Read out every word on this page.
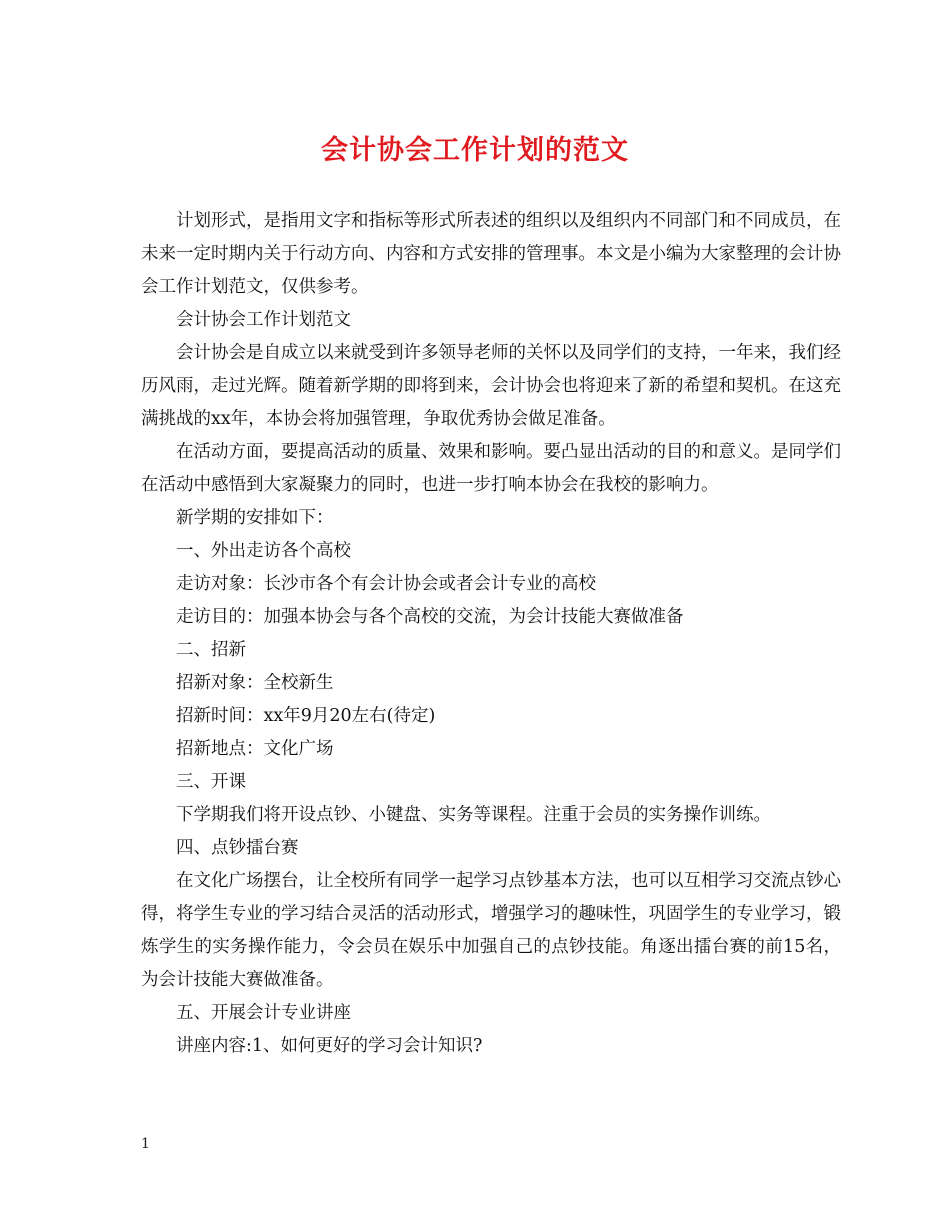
会计协会工作计划的范文

计划形式，是指用文字和指标等形式所表述的组织以及组织内不同部门和不同成员，在未来一定时期内关于行动方向、内容和方式安排的管理事。本文是小编为大家整理的会计协会工作计划范文，仅供参考。

会计协会工作计划范文

会计协会是自成立以来就受到许多领导老师的关怀以及同学们的支持，一年来，我们经历风雨，走过光辉。随着新学期的即将到来，会计协会也将迎来了新的希望和契机。在这充满挑战的xx年，本协会将加强管理，争取优秀协会做足准备。

在活动方面，要提高活动的质量、效果和影响。要凸显出活动的目的和意义。是同学们在活动中感悟到大家凝聚力的同时，也进一步打响本协会在我校的影响力。

新学期的安排如下：

一、外出走访各个高校

走访对象：长沙市各个有会计协会或者会计专业的高校

走访目的：加强本协会与各个高校的交流，为会计技能大赛做准备

二、招新

招新对象：全校新生

招新时间：xx年9月20左右(待定)

招新地点：文化广场

三、开课

下学期我们将开设点钞、小键盘、实务等课程。注重于会员的实务操作训练。

四、点钞擂台赛

在文化广场摆台，让全校所有同学一起学习点钞基本方法，也可以互相学习交流点钞心得，将学生专业的学习结合灵活的活动形式，增强学习的趣味性，巩固学生的专业学习，锻炼学生的实务操作能力，令会员在娱乐中加强自己的点钞技能。角逐出擂台赛的前15名，为会计技能大赛做准备。

五、开展会计专业讲座

讲座内容:1、如何更好的学习会计知识?

1
